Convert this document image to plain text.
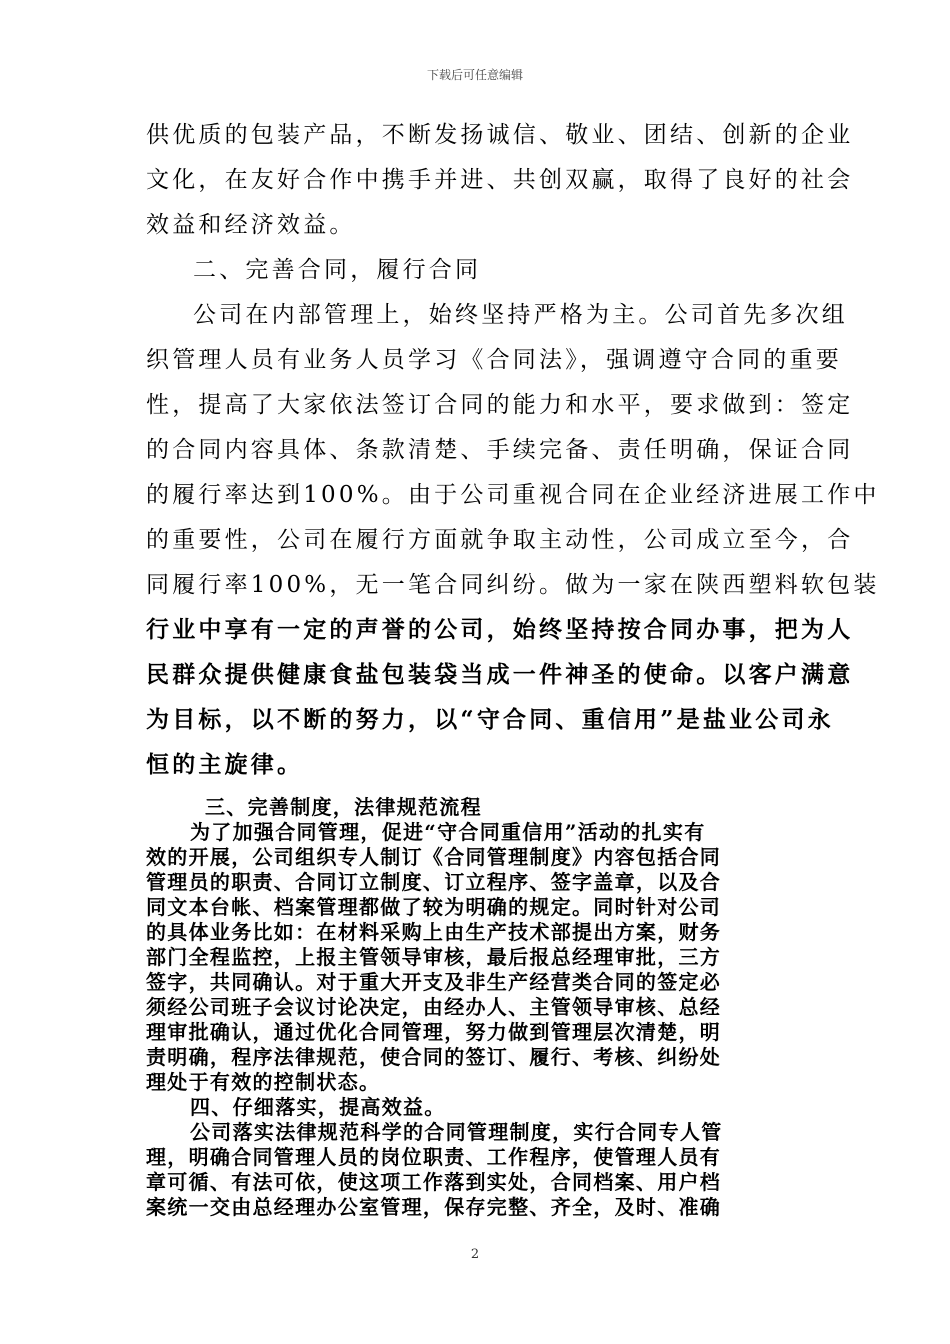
下载后可任意编辑
供优质的包装产品，不断发扬诚信、敬业、团结、创新的企业
文化，在友好合作中携手并进、共创双赢，取得了良好的社会
效益和经济效益。
二、完善合同，履行合同
公司在内部管理上，始终坚持严格为主。公司首先多次组
织管理人员有业务人员学习《合同法》，强调遵守合同的重要
性，提高了大家依法签订合同的能力和水平，要求做到：签定
的合同内容具体、条款清楚、手续完备、责任明确，保证合同
的履行率达到100%。由于公司重视合同在企业经济进展工作中
的重要性，公司在履行方面就争取主动性，公司成立至今，合
同履行率100%，无一笔合同纠纷。做为一家在陕西塑料软包装
行业中享有一定的声誉的公司，始终坚持按合同办事，把为人
民群众提供健康食盐包装袋当成一件神圣的使命。以客户满意
为目标，以不断的努力，以“守合同、重信用”是盐业公司永
恒的主旋律。
三、完善制度，法律规范流程
为了加强合同管理，促进“守合同重信用”活动的扎实有
效的开展，公司组织专人制订《合同管理制度》内容包括合同
管理员的职责、合同订立制度、订立程序、签字盖章，以及合
同文本台帐、档案管理都做了较为明确的规定。同时针对公司
的具体业务比如：在材料采购上由生产技术部提出方案，财务
部门全程监控，上报主管领导审核，最后报总经理审批，三方
签字，共同确认。对于重大开支及非生产经营类合同的签定必
须经公司班子会议讨论决定，由经办人、主管领导审核、总经
理审批确认，通过优化合同管理，努力做到管理层次清楚，明
责明确，程序法律规范，使合同的签订、履行、考核、纠纷处
理处于有效的控制状态。
四、仔细落实，提高效益。
公司落实法律规范科学的合同管理制度，实行合同专人管
理，明确合同管理人员的岗位职责、工作程序，使管理人员有
章可循、有法可依，使这项工作落到实处，合同档案、用户档
案统一交由总经理办公室管理，保存完整、齐全，及时、准确
2
